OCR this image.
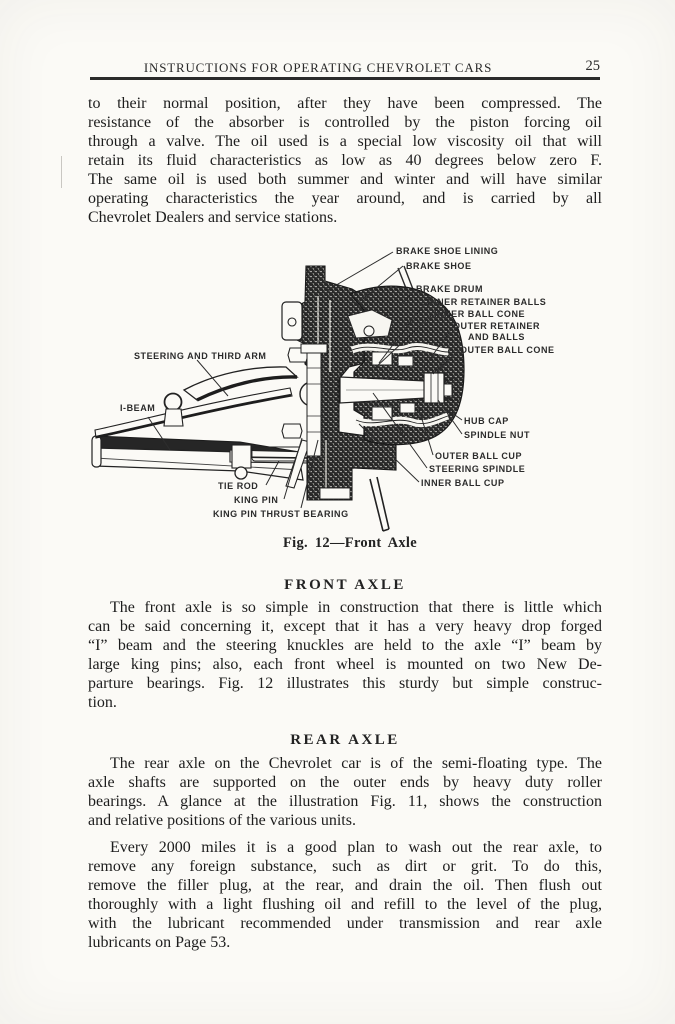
INSTRUCTIONS FOR OPERATING CHEVROLET CARS	25
to their normal position, after they have been compressed. The
resistance of the absorber is controlled by the piston forcing oil
through a valve. The oil used is a special low viscosity oil that will
retain its fluid characteristics as low as 40 degrees below zero F.
The same oil is used both summer and winter and will have similar
operating characteristics the year around, and is carried by all
Chevrolet Dealers and service stations.
BRAKE SHOE LINING
BRAKE SHOE
BRAKE DRUM
INNER RETAINER BALLS
INNER BALL CONE
OUTER RETAINER
AND BALLS
OUTER BALL CONE
STEERING AND THIRD ARM
I-BEAM
HUB CAP
SPINDLE NUT
OUTER BALL CUP
STEERING SPINDLE
INNER BALL CUP
TIE ROD
KING PIN
KING PIN THRUST BEARING
Fig. 12—Front Axle
FRONT AXLE
The front axle is so simple in construction that there is little which
can be said concerning it, except that it has a very heavy drop forged
“I” beam and the steering knuckles are held to the axle “I” beam by
large king pins; also, each front wheel is mounted on two New De-
parture bearings. Fig. 12 illustrates this sturdy but simple construc-
tion.
REAR AXLE
The rear axle on the Chevrolet car is of the semi-floating type. The
axle shafts are supported on the outer ends by heavy duty roller
bearings. A glance at the illustration Fig. 11, shows the construction
and relative positions of the various units.
Every 2000 miles it is a good plan to wash out the rear axle, to
remove any foreign substance, such as dirt or grit. To do this,
remove the filler plug, at the rear, and drain the oil. Then flush out
thoroughly with a light flushing oil and refill to the level of the plug,
with the lubricant recommended under transmission and rear axle
lubricants on Page 53.
